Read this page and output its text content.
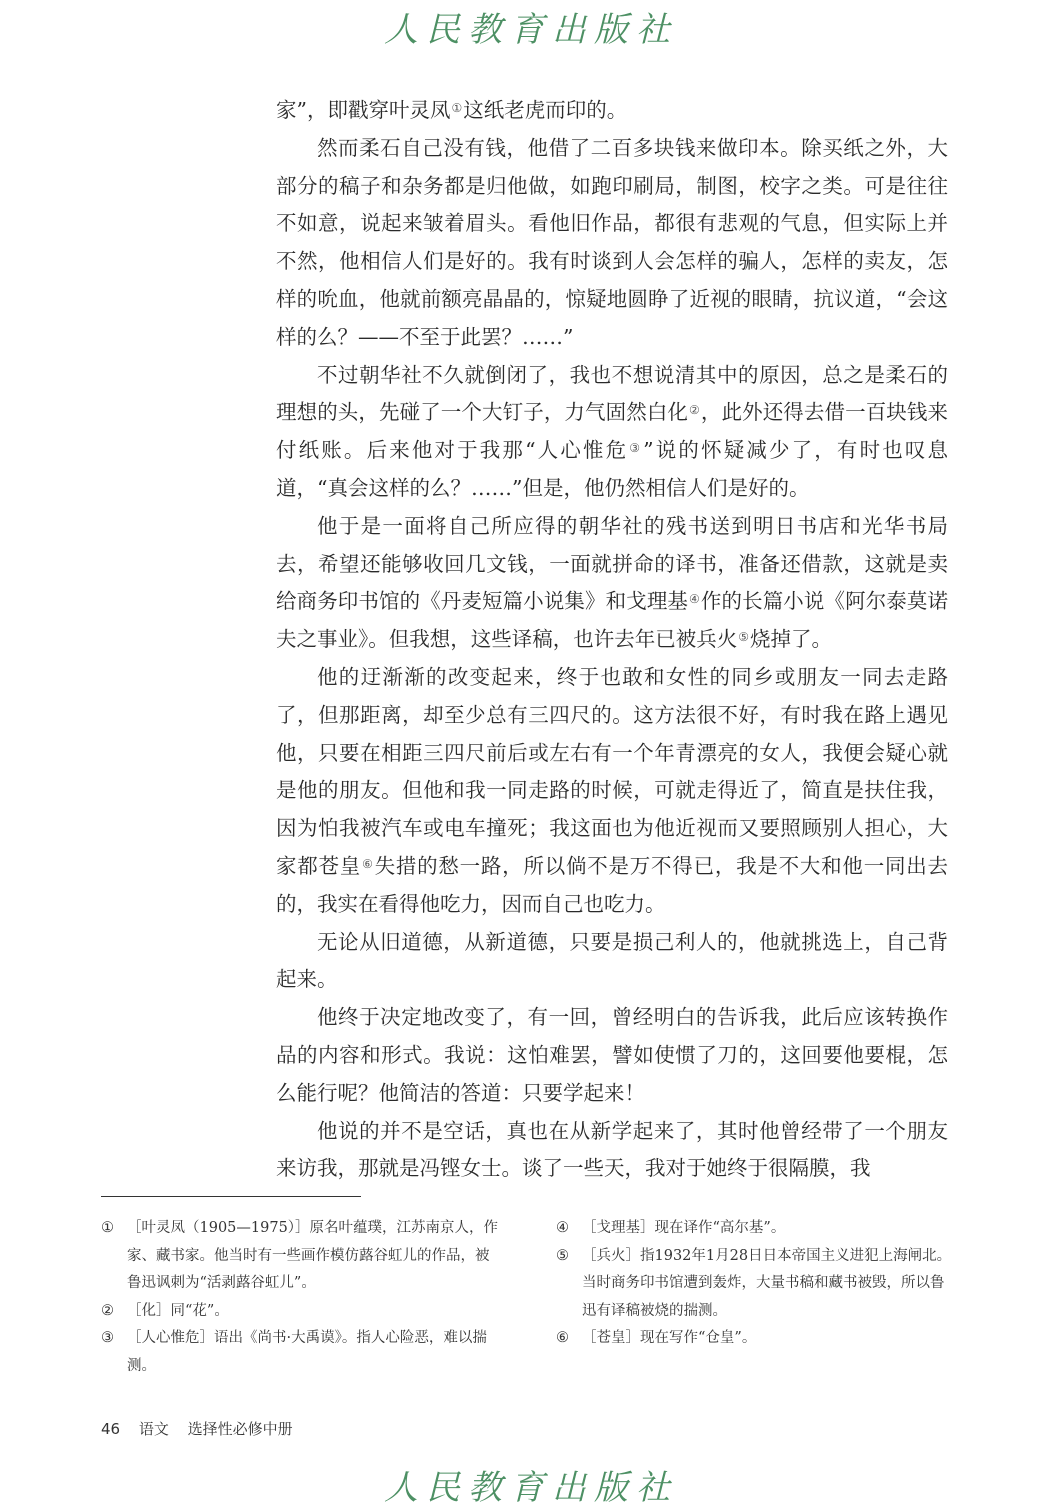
人民教育出版社

家”，即戳穿叶灵凤①这纸老虎而印的。

然而柔石自己没有钱，他借了二百多块钱来做印本。除买纸之外，大部分的稿子和杂务都是归他做，如跑印刷局，制图，校字之类。可是往往不如意，说起来皱着眉头。看他旧作品，都很有悲观的气息，但实际上并不然，他相信人们是好的。我有时谈到人会怎样的骗人，怎样的卖友，怎样的吮血，他就前额亮晶晶的，惊疑地圆睁了近视的眼睛，抗议道，“会这样的么？——不至于此罢？……”

不过朝华社不久就倒闭了，我也不想说清其中的原因，总之是柔石的理想的头，先碰了一个大钉子，力气固然白化②，此外还得去借一百块钱来付纸账。后来他对于我那“人心惟危③”说的怀疑减少了，有时也叹息道，“真会这样的么？……”但是，他仍然相信人们是好的。

他于是一面将自己所应得的朝华社的残书送到明日书店和光华书局去，希望还能够收回几文钱，一面就拼命的译书，准备还借款，这就是卖给商务印书馆的《丹麦短篇小说集》和戈理基④作的长篇小说《阿尔泰莫诺夫之事业》。但我想，这些译稿，也许去年已被兵火⑤烧掉了。

他的迂渐渐的改变起来，终于也敢和女性的同乡或朋友一同去走路了，但那距离，却至少总有三四尺的。这方法很不好，有时我在路上遇见他，只要在相距三四尺前后或左右有一个年青漂亮的女人，我便会疑心就是他的朋友。但他和我一同走路的时候，可就走得近了，简直是扶住我，因为怕我被汽车或电车撞死；我这面也为他近视而又要照顾别人担心，大家都苍皇⑥失措的愁一路，所以倘不是万不得已，我是不大和他一同出去的，我实在看得他吃力，因而自己也吃力。

无论从旧道德，从新道德，只要是损己利人的，他就挑选上，自己背起来。

他终于决定地改变了，有一回，曾经明白的告诉我，此后应该转换作品的内容和形式。我说：这怕难罢，譬如使惯了刀的，这回要他要棍，怎么能行呢？他简洁的答道：只要学起来！

他说的并不是空话，真也在从新学起来了，其时他曾经带了一个朋友来访我，那就是冯铿女士。谈了一些天，我对于她终于很隔膜，我

① ［叶灵凤（1905—1975）］原名叶蕴璞，江苏南京人，作家、藏书家。他当时有一些画作模仿蕗谷虹儿的作品，被鲁迅讽刺为“活剥蕗谷虹儿”。
② ［化］同“花”。
③ ［人心惟危］语出《尚书·大禹谟》。指人心险恶，难以揣测。
④ ［戈理基］现在译作“高尔基”。
⑤ ［兵火］指1932年1月28日日本帝国主义进犯上海闸北。当时商务印书馆遭到轰炸，大量书稿和藏书被毁，所以鲁迅有译稿被烧的揣测。
⑥ ［苍皇］现在写作“仓皇”。
46 语文 选择性必修中册
人民教育出版社
